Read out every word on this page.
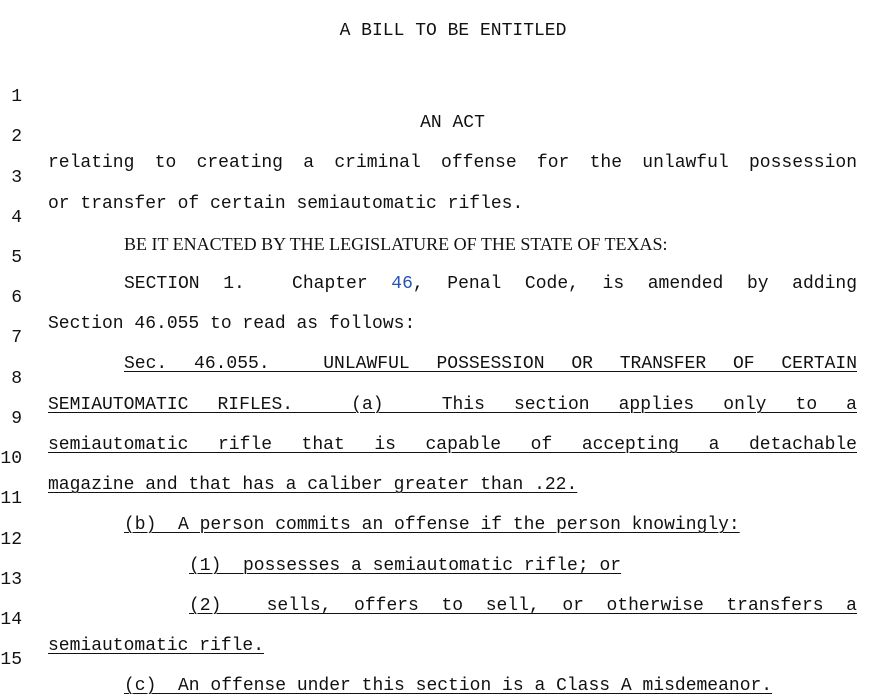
A BILL TO BE ENTITLED

1

AN ACT

2

relating to creating a criminal offense for the unlawful possession

3

or transfer of certain semiautomatic rifles.

4

BE IT ENACTED BY THE LEGISLATURE OF THE STATE OF TEXAS:

5

SECTION 1.  Chapter 46, Penal Code, is amended by adding

6

Section 46.055 to read as follows:

7

Sec. 46.055.  UNLAWFUL POSSESSION OR TRANSFER OF CERTAIN

8

SEMIAUTOMATIC RIFLES.  (a)  This section applies only to a

9

semiautomatic rifle that is capable of accepting a detachable

10

magazine and that has a caliber greater than .22.

11

(b)  A person commits an offense if the person knowingly:

12

(1)  possesses a semiautomatic rifle; or

13

(2)  sells, offers to sell, or otherwise transfers a

14

semiautomatic rifle.

15

(c)  An offense under this section is a Class A misdemeanor.
